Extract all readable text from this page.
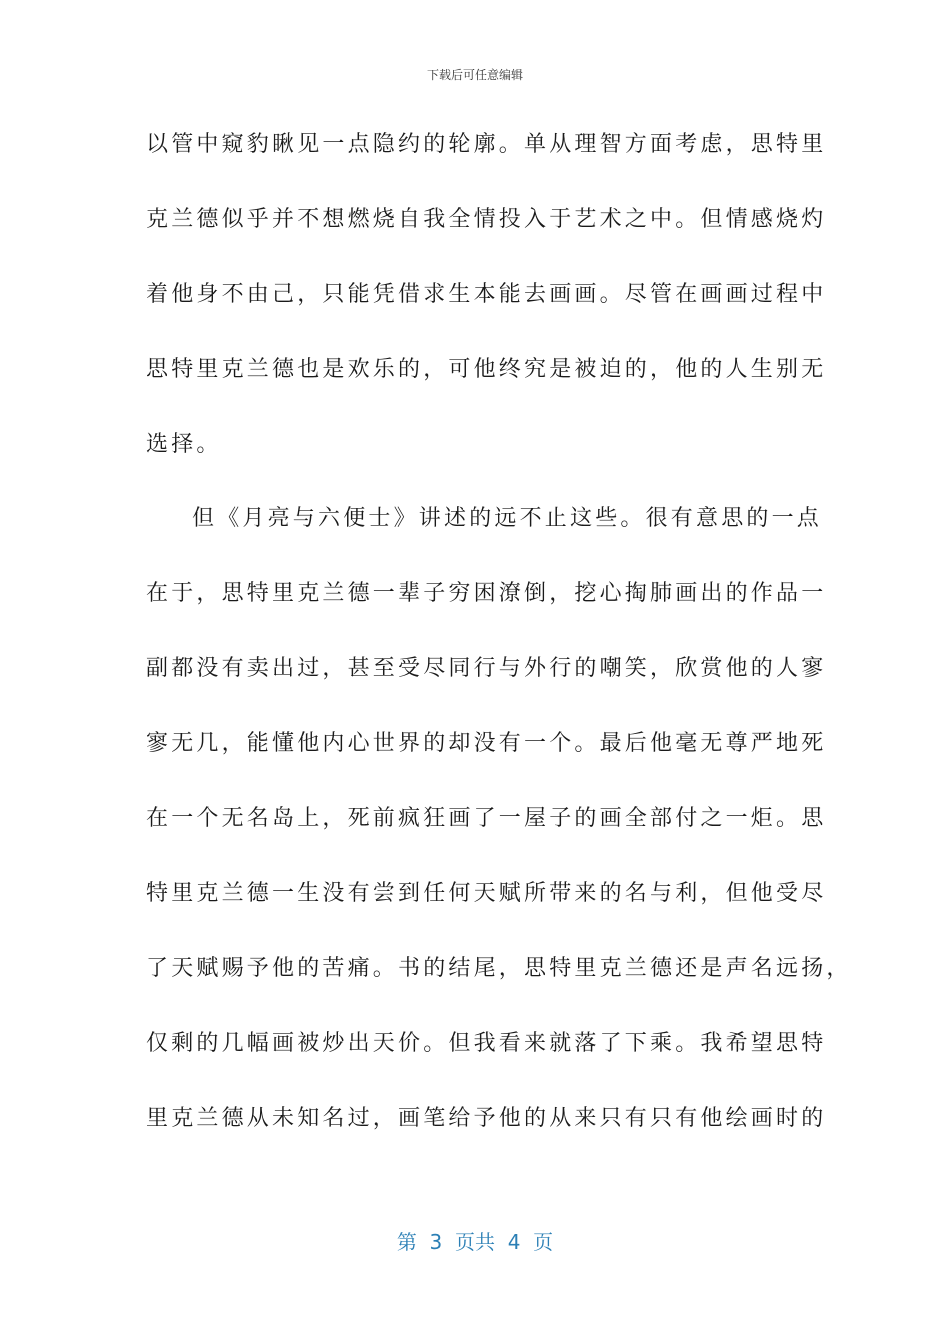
下载后可任意编辑
以管中窥豹瞅见一点隐约的轮廓。单从理智方面考虑，思特里
克兰德似乎并不想燃烧自我全情投入于艺术之中。但情感烧灼
着他身不由己，只能凭借求生本能去画画。尽管在画画过程中
思特里克兰德也是欢乐的，可他终究是被迫的，他的人生别无
选择。
但《月亮与六便士》讲述的远不止这些。很有意思的一点
在于，思特里克兰德一辈子穷困潦倒，挖心掏肺画出的作品一
副都没有卖出过，甚至受尽同行与外行的嘲笑，欣赏他的人寥
寥无几，能懂他内心世界的却没有一个。最后他毫无尊严地死
在一个无名岛上，死前疯狂画了一屋子的画全部付之一炬。思
特里克兰德一生没有尝到任何天赋所带来的名与利，但他受尽
了天赋赐予他的苦痛。书的结尾，思特里克兰德还是声名远扬，
仅剩的几幅画被炒出天价。但我看来就落了下乘。我希望思特
里克兰德从未知名过，画笔给予他的从来只有只有他绘画时的
第  3  页共  4  页
